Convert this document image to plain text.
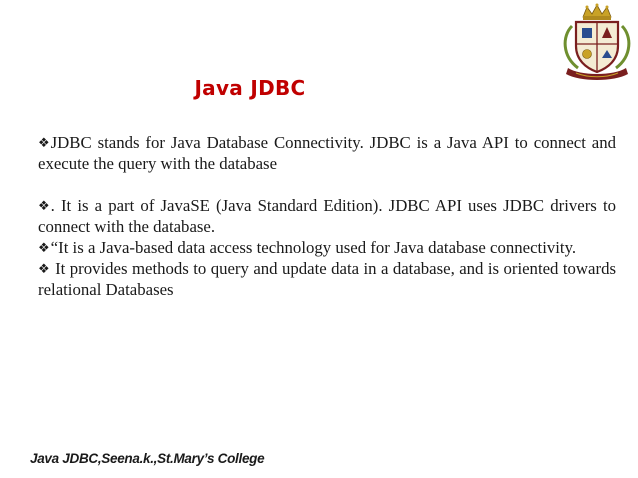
Java JDBC

❖JDBC stands for Java Database Connectivity. JDBC is a Java API to connect and execute the query with the database

❖. It is a part of JavaSE (Java Standard Edition). JDBC API uses JDBC drivers to connect with the database.

❖“It is a Java-based data access technology used for Java database connectivity.

❖ It provides methods to query and update data in a database, and is oriented towards relational Databases

Java JDBC,Seena.k.,St.Mary’s College
